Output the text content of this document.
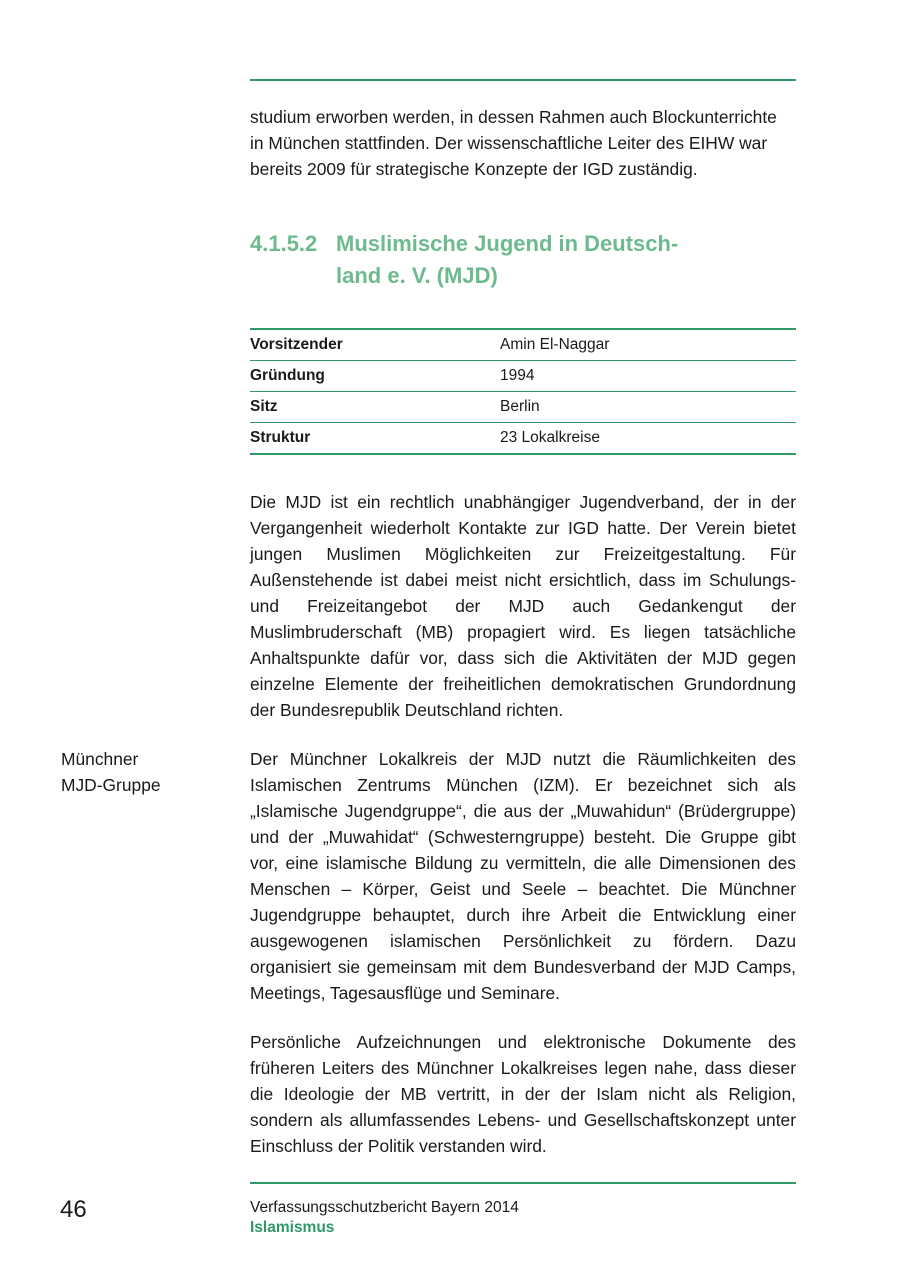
studium erworben werden, in dessen Rahmen auch Blockunterrichte
in München stattfinden. Der wissenschaftliche Leiter des EIHW war
bereits 2009 für strategische Konzepte der IGD zuständig.
4.1.5.2 Muslimische Jugend in Deutschland e. V. (MJD)
Vorsitzender	Amin El-Naggar
Gründung	1994
Sitz	Berlin
Struktur	23 Lokalkreise

Die MJD ist ein rechtlich unabhängiger Jugendverband, der in der Vergangenheit wiederholt Kontakte zur IGD hatte. Der Verein bietet jungen Muslimen Möglichkeiten zur Freizeitgestaltung. Für Außenstehende ist dabei meist nicht ersichtlich, dass im Schulungs- und Freizeitangebot der MJD auch Gedankengut der Muslimbruderschaft (MB) propagiert wird. Es liegen tatsächliche Anhaltspunkte dafür vor, dass sich die Aktivitäten der MJD gegen einzelne Elemente der freiheitlichen demokratischen Grundordnung der Bundesrepublik Deutschland richten.

Münchner
MJD-Gruppe

Der Münchner Lokalkreis der MJD nutzt die Räumlichkeiten des Islamischen Zentrums München (IZM). Er bezeichnet sich als „Islamische Jugendgruppe“, die aus der „Muwahidun“ (Brüdergruppe) und der „Muwahidat“ (Schwesterngruppe) besteht. Die Gruppe gibt vor, eine islamische Bildung zu vermitteln, die alle Dimensionen des Menschen – Körper, Geist und Seele – beachtet. Die Münchner Jugendgruppe behauptet, durch ihre Arbeit die Entwicklung einer ausgewogenen islamischen Persönlichkeit zu fördern. Dazu organisiert sie gemeinsam mit dem Bundesverband der MJD Camps, Meetings, Tagesausflüge und Seminare.

Persönliche Aufzeichnungen und elektronische Dokumente des früheren Leiters des Münchner Lokalkreises legen nahe, dass dieser die Ideologie der MB vertritt, in der der Islam nicht als Religion, sondern als allumfassendes Lebens- und Gesellschaftskonzept unter Einschluss der Politik verstanden wird.

46	Verfassungsschutzbericht Bayern 2014
Islamismus
